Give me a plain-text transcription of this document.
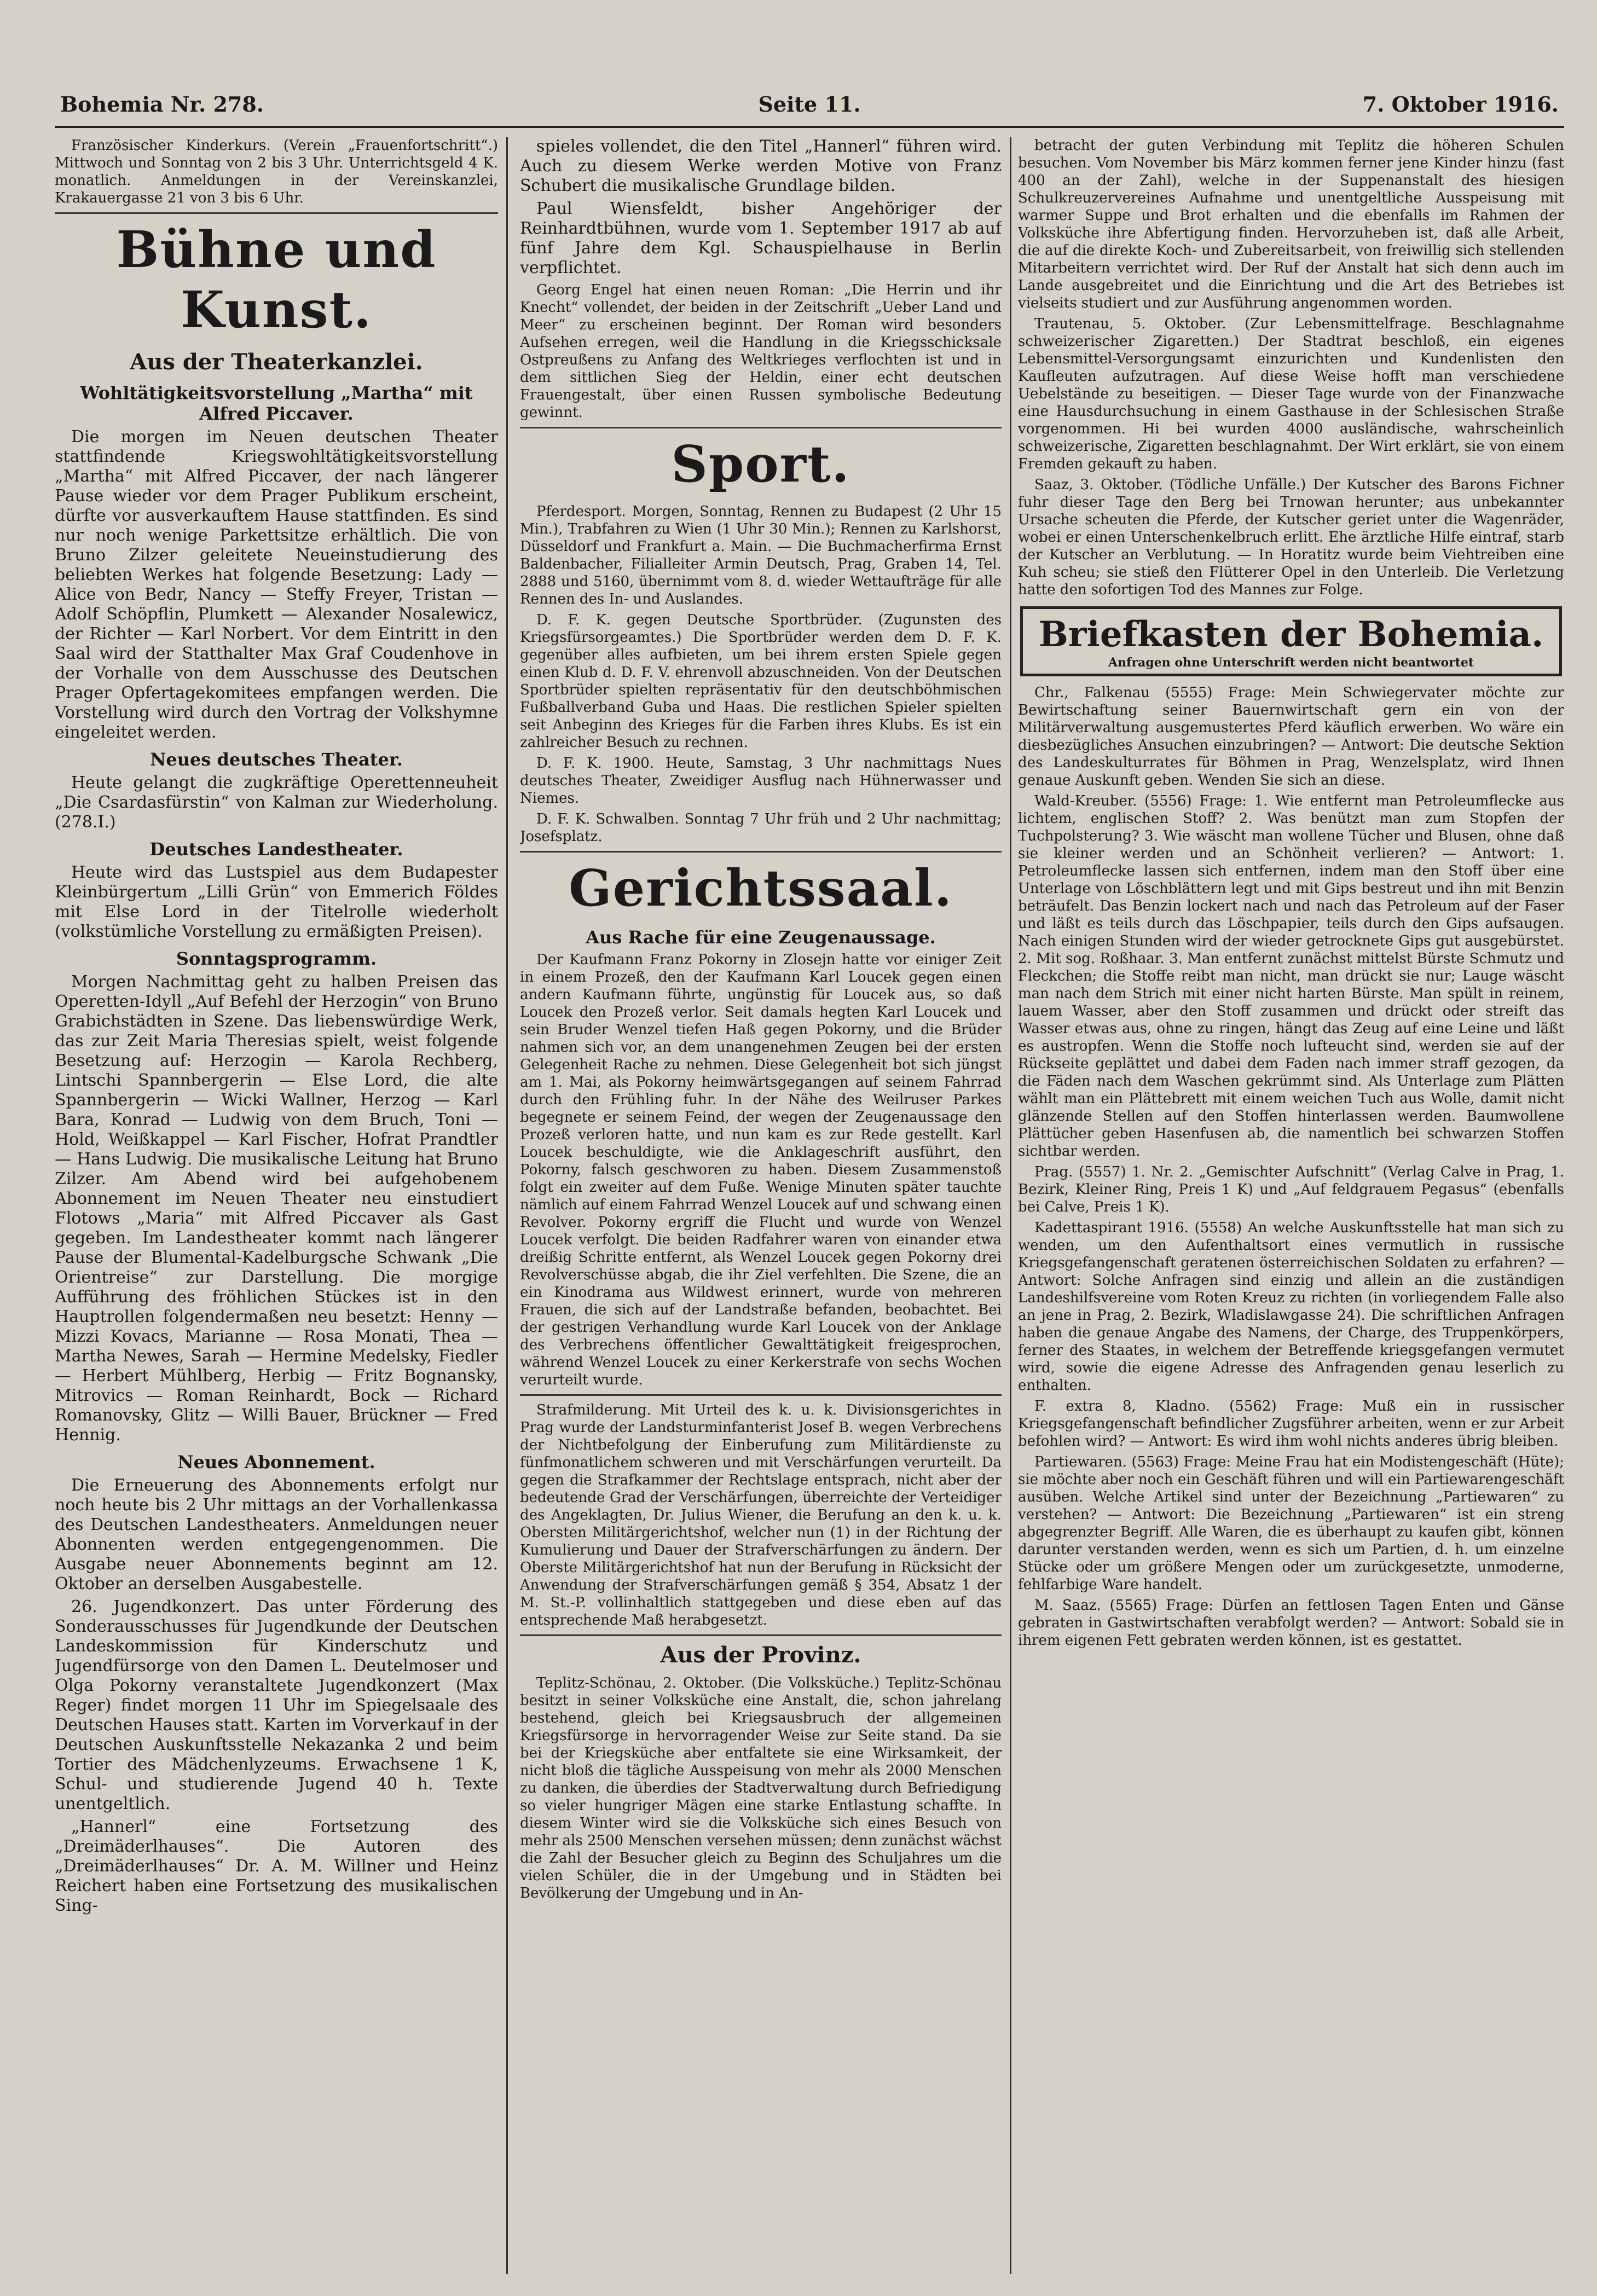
Bohemia Nr. 278.	Seite 11.	7. Oktober 1916.

Französischer Kinderkurs. (Verein „Frauenfortschritt“.) Mittwoch und Sonntag von 2 bis 3 Uhr. Unterrichtsgeld 4 K. monatlich. Anmeldungen in der Vereinskanzlei, Krakauergasse 21 von 3 bis 6 Uhr.

Bühne und Kunst.
Aus der Theaterkanzlei.
Wohltätigkeitsvorstellung „Martha“ mit Alfred Piccaver.

Die morgen im Neuen deutschen Theater stattfindende Kriegswohltätigkeitsvorstellung „Martha“ mit Alfred Piccaver, der nach längerer Pause wieder vor dem Prager Publikum erscheint, dürfte vor ausverkauftem Hause stattfinden. Es sind nur noch wenige Parkettsitze erhältlich. Die von Bruno Zilzer geleitete Neueinstudierung des beliebten Werkes hat folgende Besetzung: Lady — Alice von Bedr, Nancy — Steffy Freyer, Tristan — Adolf Schöpflin, Plumkett — Alexander Nosalewicz, der Richter — Karl Norbert. Vor dem Eintritt in den Saal wird der Statthalter Max Graf Coudenhove in der Vorhalle von dem Ausschusse des Deutschen Prager Opfertagekomitees empfangen werden. Die Vorstellung wird durch den Vortrag der Volkshymne eingeleitet werden.

Neues deutsches Theater.

Heute gelangt die zugkräftige Operettenneuheit „Die Csardasfürstin“ von Kalman zur Wiederholung. (278.I.)

Deutsches Landestheater.

Heute wird das Lustspiel aus dem Budapester Kleinbürgertum „Lilli Grün“ von Emmerich Földes mit Else Lord in der Titelrolle wiederholt (volkstümliche Vorstellung zu ermäßigten Preisen).

Sonntagsprogramm.

Morgen Nachmittag geht zu halben Preisen das Operetten-Idyll „Auf Befehl der Herzogin“ von Bruno Grabichstädten in Szene. Das liebenswürdige Werk, das zur Zeit Maria Theresias spielt, weist folgende Besetzung auf: Herzogin — Karola Rechberg, Lintschi Spannbergerin — Else Lord, die alte Spannbergerin — Wicki Wallner, Herzog — Karl Bara, Konrad — Ludwig von dem Bruch, Toni — Hold, Weißkappel — Karl Fischer, Hofrat Prandtler — Hans Ludwig. Die musikalische Leitung hat Bruno Zilzer. Am Abend wird bei aufgehobenem Abonnement im Neuen Theater neu einstudiert Flotows „Maria“ mit Alfred Piccaver als Gast gegeben. Im Landestheater kommt nach längerer Pause der Blumental-Kadelburgsche Schwank „Die Orientreise“ zur Darstellung. Die morgige Aufführung des fröhlichen Stückes ist in den Hauptrollen folgendermaßen neu besetzt: Henny — Mizzi Kovacs, Marianne — Rosa Monati, Thea — Martha Newes, Sarah — Hermine Medelsky, Fiedler — Herbert Mühlberg, Herbig — Fritz Bognansky, Mitrovics — Roman Reinhardt, Bock — Richard Romanovsky, Glitz — Willi Bauer, Brückner — Fred Hennig.

Neues Abonnement.

Die Erneuerung des Abonnements erfolgt nur noch heute bis 2 Uhr mittags an der Vorhallenkassa des Deutschen Landestheaters. Anmeldungen neuer Abonnenten werden entgegengenommen. Die Ausgabe neuer Abonnements beginnt am 12. Oktober an derselben Ausgabestelle.

26. Jugendkonzert. Das unter Förderung des Sonderausschusses für Jugendkunde der Deutschen Landeskommission für Kinderschutz und Jugendfürsorge von den Damen L. Deutelmoser und Olga Pokorny veranstaltete Jugendkonzert (Max Reger) findet morgen 11 Uhr im Spiegelsaale des Deutschen Hauses statt. Karten im Vorverkauf in der Deutschen Auskunftsstelle Nekazanka 2 und beim Tortier des Mädchenlyzeums. Erwachsene 1 K, Schul- und studierende Jugend 40 h. Texte unentgeltlich.

„Hannerl“ eine Fortsetzung des „Dreimäderlhauses“. Die Autoren des „Dreimäderlhauses“ Dr. A. M. Willner und Heinz Reichert haben eine Fortsetzung des musikalischen Sing-

spieles vollendet, die den Titel „Hannerl“ führen wird. Auch zu diesem Werke werden Motive von Franz Schubert die musikalische Grundlage bilden.

Paul Wiensfeldt, bisher Angehöriger der Reinhardtbühnen, wurde vom 1. September 1917 ab auf fünf Jahre dem Kgl. Schauspielhause in Berlin verpflichtet.

Georg Engel hat einen neuen Roman: „Die Herrin und ihr Knecht“ vollendet, der beiden in der Zeitschrift „Ueber Land und Meer“ zu erscheinen beginnt. Der Roman wird besonders Aufsehen erregen, weil die Handlung in die Kriegsschicksale Ostpreußens zu Anfang des Weltkrieges verflochten ist und in dem sittlichen Sieg der Heldin, einer echt deutschen Frauengestalt, über einen Russen symbolische Bedeutung gewinnt.

Sport.

Pferdesport. Morgen, Sonntag, Rennen zu Budapest (2 Uhr 15 Min.), Trabfahren zu Wien (1 Uhr 30 Min.); Rennen zu Karlshorst, Düsseldorf und Frankfurt a. Main. — Die Buchmacherfirma Ernst Baldenbacher, Filialleiter Armin Deutsch, Prag, Graben 14, Tel. 2888 und 5160, übernimmt vom 8. d. wieder Wettaufträge für alle Rennen des In- und Auslandes.

D. F. K. gegen Deutsche Sportbrüder. (Zugunsten des Kriegsfürsorgeamtes.) Die Sportbrüder werden dem D. F. K. gegenüber alles aufbieten, um bei ihrem ersten Spiele gegen einen Klub d. D. F. V. ehrenvoll abzuschneiden. Von der Deutschen Sportbrüder spielten repräsentativ für den deutschböhmischen Fußballverband Guba und Haas. Die restlichen Spieler spielten seit Anbeginn des Krieges für die Farben ihres Klubs. Es ist ein zahlreicher Besuch zu rechnen.

D. F. K. 1900. Heute, Samstag, 3 Uhr nachmittags Nues deutsches Theater, Zweidiger Ausflug nach Hühnerwasser und Niemes.

D. F. K. Schwalben. Sonntag 7 Uhr früh und 2 Uhr nachmittag; Josefsplatz.

Gerichtssaal.
Aus Rache für eine Zeugenaussage.

Der Kaufmann Franz Pokorny in Zlosejn hatte vor einiger Zeit in einem Prozeß, den der Kaufmann Karl Loucek gegen einen andern Kaufmann führte, ungünstig für Loucek aus, so daß Loucek den Prozeß verlor. Seit damals hegten Karl Loucek und sein Bruder Wenzel tiefen Haß gegen Pokorny, und die Brüder nahmen sich vor, an dem unangenehmen Zeugen bei der ersten Gelegenheit Rache zu nehmen. Diese Gelegenheit bot sich jüngst am 1. Mai, als Pokorny heimwärtsgegangen auf seinem Fahrrad durch den Frühling fuhr. In der Nähe des Weilruser Parkes begegnete er seinem Feind, der wegen der Zeugenaussage den Prozeß verloren hatte, und nun kam es zur Rede gestellt. Karl Loucek beschuldigte, wie die Anklageschrift ausführt, den Pokorny, falsch geschworen zu haben. Diesem Zusammenstoß folgt ein zweiter auf dem Fuße. Wenige Minuten später tauchte nämlich auf einem Fahrrad Wenzel Loucek auf und schwang einen Revolver. Pokorny ergriff die Flucht und wurde von Wenzel Loucek verfolgt. Die beiden Radfahrer waren von einander etwa dreißig Schritte entfernt, als Wenzel Loucek gegen Pokorny drei Revolverschüsse abgab, die ihr Ziel verfehlten. Die Szene, die an ein Kinodrama aus Wildwest erinnert, wurde von mehreren Frauen, die sich auf der Landstraße befanden, beobachtet. Bei der gestrigen Verhandlung wurde Karl Loucek von der Anklage des Verbrechens öffentlicher Gewalttätigkeit freigesprochen, während Wenzel Loucek zu einer Kerkerstrafe von sechs Wochen verurteilt wurde.

Strafmilderung. Mit Urteil des k. u. k. Divisionsgerichtes in Prag wurde der Landsturminfanterist Josef B. wegen Verbrechens der Nichtbefolgung der Einberufung zum Militärdienste zu fünfmonatlichem schweren und mit Verschärfungen verurteilt. Da gegen die Strafkammer der Rechtslage entsprach, nicht aber der bedeutende Grad der Verschärfungen, überreichte der Verteidiger des Angeklagten, Dr. Julius Wiener, die Berufung an den k. u. k. Obersten Militärgerichtshof, welcher nun (1) in der Richtung der Kumulierung und Dauer der Strafverschärfungen zu ändern. Der Oberste Militärgerichtshof hat nun der Berufung in Rücksicht der Anwendung der Strafverschärfungen gemäß § 354, Absatz 1 der M. St.-P. vollinhaltlich stattgegeben und diese eben auf das entsprechende Maß herabgesetzt.

Aus der Provinz.

Teplitz-Schönau, 2. Oktober. (Die Volksküche.) Teplitz-Schönau besitzt in seiner Volksküche eine Anstalt, die, schon jahrelang bestehend, gleich bei Kriegsausbruch der allgemeinen Kriegsfürsorge in hervorragender Weise zur Seite stand. Da sie bei der Kriegsküche aber entfaltete sie eine Wirksamkeit, der nicht bloß die tägliche Ausspeisung von mehr als 2000 Menschen zu danken, die überdies der Stadtverwaltung durch Befriedigung so vieler hungriger Mägen eine starke Entlastung schaffte. In diesem Winter wird sie die Volksküche sich eines Besuch von mehr als 2500 Menschen versehen müssen; denn zunächst wächst die Zahl der Besucher gleich zu Beginn des Schuljahres um die vielen Schüler, die in der Umgebung und in Städten bei Bevölkerung der Umgebung und in An-

betracht der guten Verbindung mit Teplitz die höheren Schulen besuchen. Vom November bis März kommen ferner jene Kinder hinzu (fast 400 an der Zahl), welche in der Suppenanstalt des hiesigen Schulkreuzervereines Aufnahme und unentgeltliche Ausspeisung mit warmer Suppe und Brot erhalten und die ebenfalls im Rahmen der Volksküche ihre Abfertigung finden. Hervorzuheben ist, daß alle Arbeit, die auf die direkte Koch- und Zubereitsarbeit, von freiwillig sich stellenden Mitarbeitern verrichtet wird. Der Ruf der Anstalt hat sich denn auch im Lande ausgebreitet und die Einrichtung und die Art des Betriebes ist vielseits studiert und zur Ausführung angenommen worden.

Trautenau, 5. Oktober. (Zur Lebensmittelfrage. Beschlagnahme schweizerischer Zigaretten.) Der Stadtrat beschloß, ein eigenes Lebensmittel-Versorgungsamt einzurichten und Kundenlisten den Kaufleuten aufzutragen. Auf diese Weise hofft man verschiedene Uebelstände zu beseitigen. — Dieser Tage wurde von der Finanzwache eine Hausdurchsuchung in einem Gasthause in der Schlesischen Straße vorgenommen. Hi bei wurden 4000 ausländische, wahrscheinlich schweizerische, Zigaretten beschlagnahmt. Der Wirt erklärt, sie von einem Fremden gekauft zu haben.

Saaz, 3. Oktober. (Tödliche Unfälle.) Der Kutscher des Barons Fichner fuhr dieser Tage den Berg bei Trnowan herunter; aus unbekannter Ursache scheuten die Pferde, der Kutscher geriet unter die Wagenräder, wobei er einen Unterschenkelbruch erlitt. Ehe ärztliche Hilfe eintraf, starb der Kutscher an Verblutung. — In Horatitz wurde beim Viehtreiben eine Kuh scheu; sie stieß den Flütterer Opel in den Unterleib. Die Verletzung hatte den sofortigen Tod des Mannes zur Folge.

Briefkasten der Bohemia.
Anfragen ohne Unterschrift werden nicht beantwortet

Chr., Falkenau (5555) Frage: Mein Schwiegervater möchte zur Bewirtschaftung seiner Bauernwirtschaft gern ein von der Militärverwaltung ausgemustertes Pferd käuflich erwerben. Wo wäre ein diesbezügliches Ansuchen einzubringen? — Antwort: Die deutsche Sektion des Landeskulturrates für Böhmen in Prag, Wenzelsplatz, wird Ihnen genaue Auskunft geben. Wenden Sie sich an diese.

Wald-Kreuber. (5556) Frage: 1. Wie entfernt man Petroleumflecke aus lichtem, englischen Stoff? 2. Was benützt man zum Stopfen der Tuchpolsterung? 3. Wie wäscht man wollene Tücher und Blusen, ohne daß sie kleiner werden und an Schönheit verlieren? — Antwort: 1. Petroleumflecke lassen sich entfernen, indem man den Stoff über eine Unterlage von Löschblättern legt und mit Gips bestreut und ihn mit Benzin beträufelt. Das Benzin lockert nach und nach das Petroleum auf der Faser und läßt es teils durch das Löschpapier, teils durch den Gips aufsaugen. Nach einigen Stunden wird der wieder getrocknete Gips gut ausgebürstet. 2. Mit sog. Roßhaar. 3. Man entfernt zunächst mittelst Bürste Schmutz und Fleckchen; die Stoffe reibt man nicht, man drückt sie nur; Lauge wäscht man nach dem Strich mit einer nicht harten Bürste. Man spült in reinem, lauem Wasser, aber den Stoff zusammen und drückt oder streift das Wasser etwas aus, ohne zu ringen, hängt das Zeug auf eine Leine und läßt es austropfen. Wenn die Stoffe noch lufteucht sind, werden sie auf der Rückseite geplättet und dabei dem Faden nach immer straff gezogen, da die Fäden nach dem Waschen gekrümmt sind. Als Unterlage zum Plätten wählt man ein Plättebrett mit einem weichen Tuch aus Wolle, damit nicht glänzende Stellen auf den Stoffen hinterlassen werden. Baumwollene Plättücher geben Hasenfusen ab, die namentlich bei schwarzen Stoffen sichtbar werden.

Prag. (5557) 1. Nr. 2. „Gemischter Aufschnitt“ (Verlag Calve in Prag, 1. Bezirk, Kleiner Ring, Preis 1 K) und „Auf feldgrauem Pegasus“ (ebenfalls bei Calve, Preis 1 K).

Kadettaspirant 1916. (5558) An welche Auskunftsstelle hat man sich zu wenden, um den Aufenthaltsort eines vermutlich in russische Kriegsgefangenschaft geratenen österreichischen Soldaten zu erfahren? — Antwort: Solche Anfragen sind einzig und allein an die zuständigen Landeshilfsvereine vom Roten Kreuz zu richten (in vorliegendem Falle also an jene in Prag, 2. Bezirk, Wladislawgasse 24). Die schriftlichen Anfragen haben die genaue Angabe des Namens, der Charge, des Truppenkörpers, ferner des Staates, in welchem der Betreffende kriegsgefangen vermutet wird, sowie die eigene Adresse des Anfragenden genau leserlich zu enthalten.

F. extra 8, Kladno. (5562) Frage: Muß ein in russischer Kriegsgefangenschaft befindlicher Zugsführer arbeiten, wenn er zur Arbeit befohlen wird? — Antwort: Es wird ihm wohl nichts anderes übrig bleiben.

Partiewaren. (5563) Frage: Meine Frau hat ein Modistengeschäft (Hüte); sie möchte aber noch ein Geschäft führen und will ein Partiewarengeschäft ausüben. Welche Artikel sind unter der Bezeichnung „Partiewaren“ zu verstehen? — Antwort: Die Bezeichnung „Partiewaren“ ist ein streng abgegrenzter Begriff. Alle Waren, die es überhaupt zu kaufen gibt, können darunter verstanden werden, wenn es sich um Partien, d. h. um einzelne Stücke oder um größere Mengen oder um zurückgesetzte, unmoderne, fehlfarbige Ware handelt.

M. Saaz. (5565) Frage: Dürfen an fettlosen Tagen Enten und Gänse gebraten in Gastwirtschaften verabfolgt werden? — Antwort: Sobald sie in ihrem eigenen Fett gebraten werden können, ist es gestattet.
